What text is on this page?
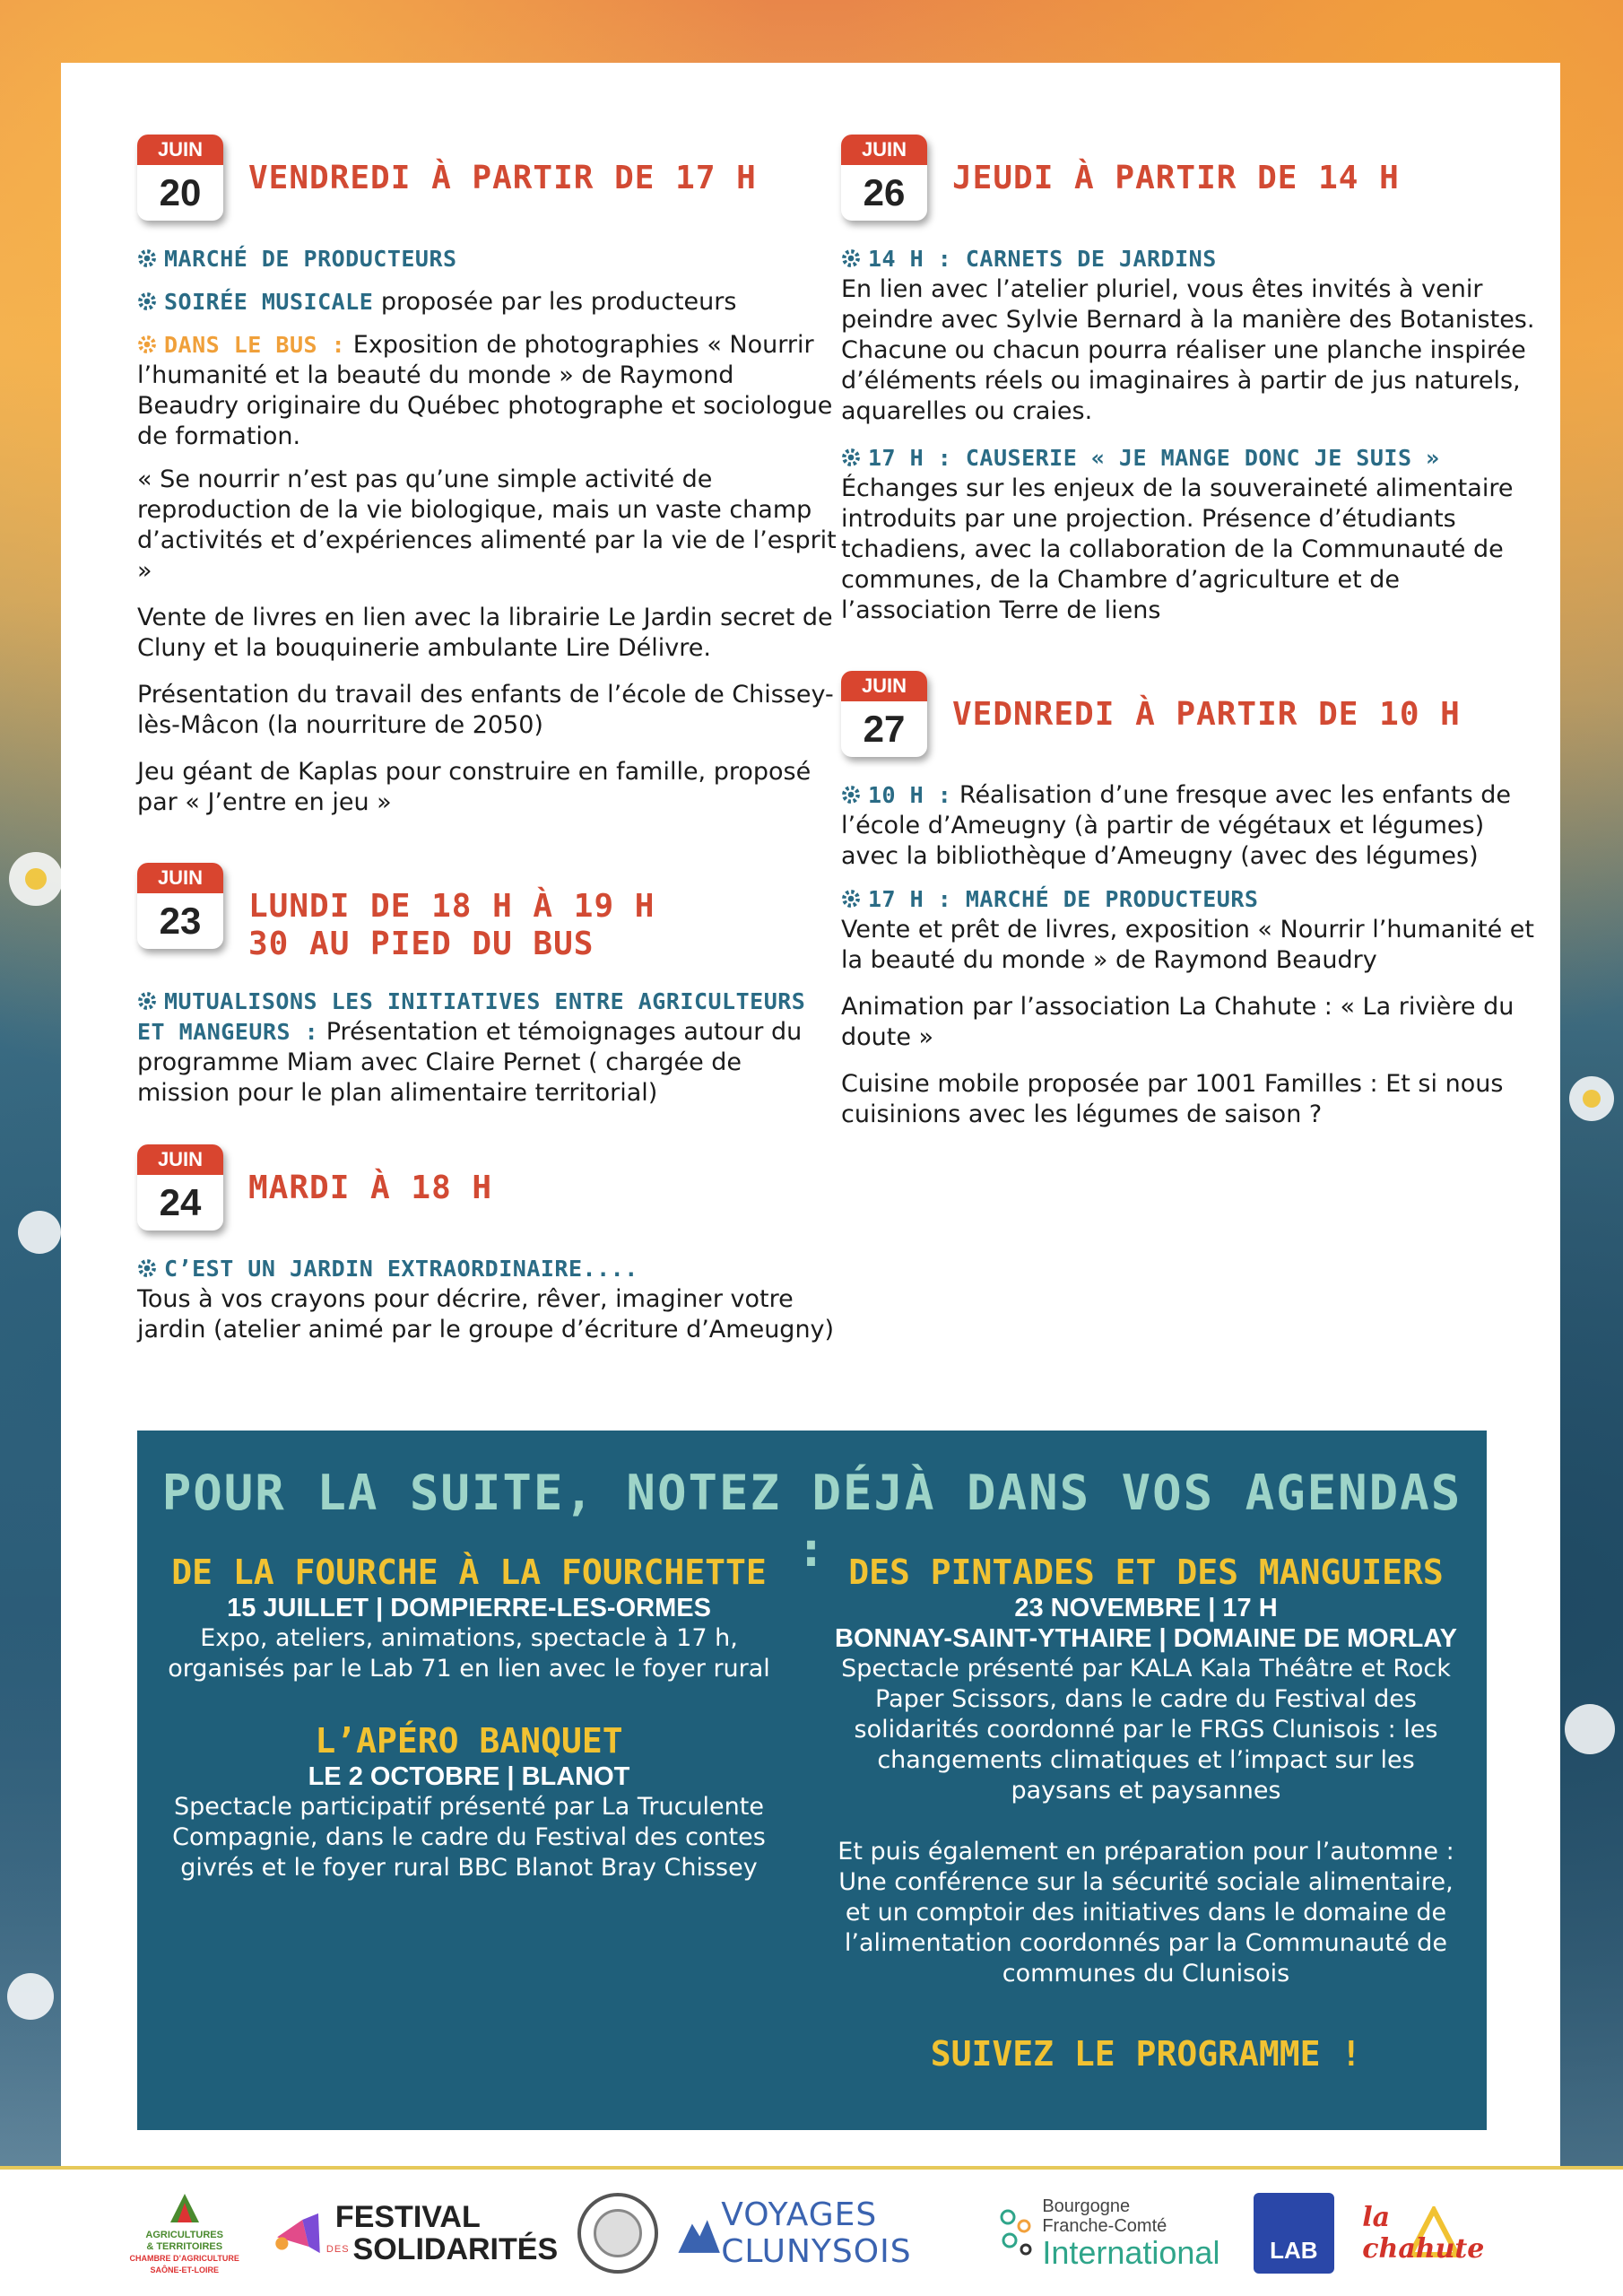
JUIN
20	VENDREDI À PARTIR DE 17 H
MARCHÉ DE PRODUCTEURS
SOIRÉE MUSICALE proposée par les producteurs
DANS LE BUS : Exposition de photographies « Nourrir l’humanité et la beauté du monde » de Raymond Beaudry originaire du Québec photographe et sociologue de formation.
« Se nourrir n’est pas qu’une simple activité de reproduction de la vie biologique, mais un vaste champ d’activités et d’expériences alimenté par la vie de l’esprit »
Vente de livres en lien avec la librairie Le Jardin secret de Cluny et la bouquinerie ambulante Lire Délivre.
Présentation du travail des enfants de l’école de Chissey-lès-Mâcon (la nourriture de 2050)
Jeu géant de Kaplas pour construire en famille, proposé par « J’entre en jeu »
JUIN
23	LUNDI DE 18 H À 19 H 30 AU PIED DU BUS
MUTUALISONS LES INITIATIVES ENTRE AGRICULTEURS ET MANGEURS : Présentation et témoignages autour du programme Miam avec Claire Pernet ( chargée de mission pour le plan alimentaire territorial)
JUIN
24	MARDI À 18 H
C’EST UN JARDIN EXTRAORDINAIRE....
Tous à vos crayons pour décrire, rêver, imaginer votre jardin (atelier animé par le groupe d’écriture d’Ameugny)
JUIN
26	JEUDI À PARTIR DE 14 H
14 H : CARNETS DE JARDINS
En lien avec l’atelier pluriel, vous êtes invités à venir peindre avec Sylvie Bernard à la manière des Botanistes. Chacune ou chacun pourra réaliser une planche inspirée d’éléments réels ou imaginaires à partir de jus naturels, aquarelles ou craies.
17 H : CAUSERIE « JE MANGE DONC JE SUIS »
Échanges sur les enjeux de la souveraineté alimentaire introduits par une projection. Présence d’étudiants tchadiens, avec la collaboration de la Communauté de communes, de la Chambre d’agriculture et de l’association Terre de liens
JUIN
27	VEDNREDI À PARTIR DE 10 H
10 H : Réalisation d’une fresque avec les enfants de l’école d’Ameugny (à partir de végétaux et légumes) avec la bibliothèque d’Ameugny (avec des légumes)
17 H : MARCHÉ DE PRODUCTEURS
Vente et prêt de livres, exposition « Nourrir l’humanité et la beauté du monde » de Raymond Beaudry
Animation par l’association La Chahute : « La rivière du doute »
Cuisine mobile proposée par 1001 Familles : Et si nous cuisinions avec les légumes de saison ?
POUR LA SUITE, NOTEZ DÉJÀ DANS VOS AGENDAS :
DE LA FOURCHE À LA FOURCHETTE
15 JUILLET | DOMPIERRE-LES-ORMES
Expo, ateliers, animations, spectacle à 17 h, organisés par le Lab 71 en lien avec le foyer rural
L’APÉRO BANQUET
LE 2 OCTOBRE | BLANOT
Spectacle participatif présenté par La Truculente Compagnie, dans le cadre du Festival des contes givrés et le foyer rural BBC Blanot Bray Chissey
DES PINTADES ET DES MANGUIERS
23 NOVEMBRE | 17 H
BONNAY-SAINT-YTHAIRE | DOMAINE DE MORLAY
Spectacle présenté par KALA Kala Théâtre et Rock Paper Scissors, dans le cadre du Festival des solidarités coordonné par le FRGS Clunisois : les changements climatiques et l’impact sur les paysans et paysannes
Et puis également en préparation pour l’automne : Une conférence sur la sécurité sociale alimentaire, et un comptoir des initiatives dans le domaine de l’alimentation coordonnés par la Communauté de communes du Clunisois
SUIVEZ LE PROGRAMME !
AGRICULTURES
& TERRITOIRES
CHAMBRE D’AGRICULTURE
SAÔNE-ET-LOIRE
FESTIVAL
DES SOLIDARITÉS
VOYAGES CLUNYSOIS
Bourgogne
Franche-Comté
International	LAB
la chahute
